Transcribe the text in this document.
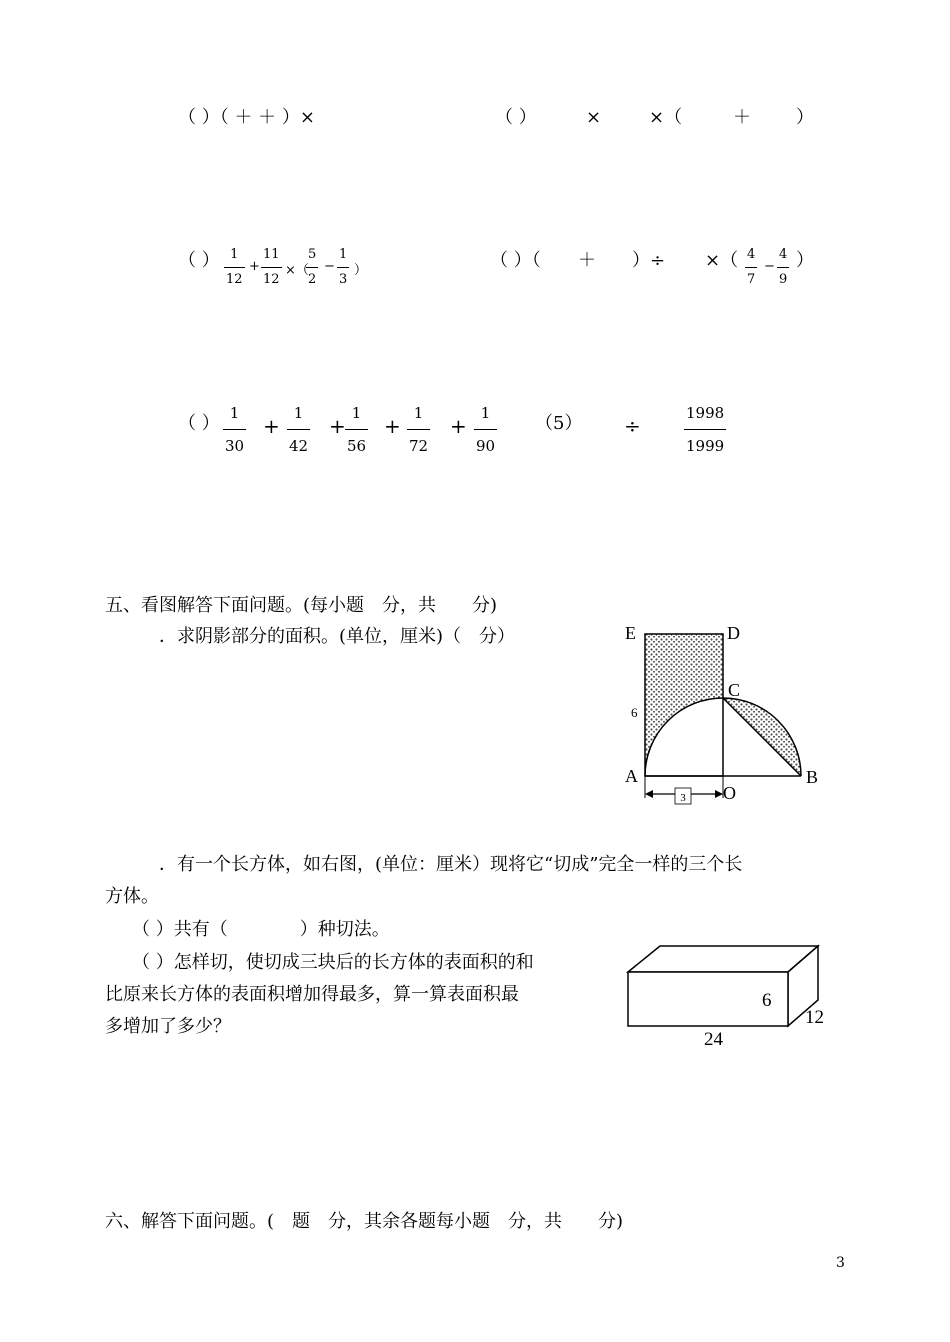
（ ）（ ＋ ＋ ）×	（ ）	×	×（	＋	）
（ ） 1
12
+
11
12
×（
5
2
−
1
3
）	（ ）（ ＋ ）÷ ×（ 4
7
−
4
9
）
（ ） 1
30
+
1
42
+
1
56
+
1
72
+
1
90
（5） ÷
1998
1999
五、看图解答下面问题。(每小题　分，共　　分)
．求阴影部分的面积。(单位，厘米)（　分）
3
E	D
C
6
A	B
O
．有一个长方体，如右图，(单位：厘米）现将它“切成”完全一样的三个长
方体。
（ ）共有（　　　　）种切法。
（ ）怎样切，使切成三块后的长方体的表面积的和
比原来长方体的表面积增加得最多，算一算表面积最
多增加了多少？
6
12
24
六、解答下面问题。(　题　分，其余各题每小题　分，共　　分)
3
